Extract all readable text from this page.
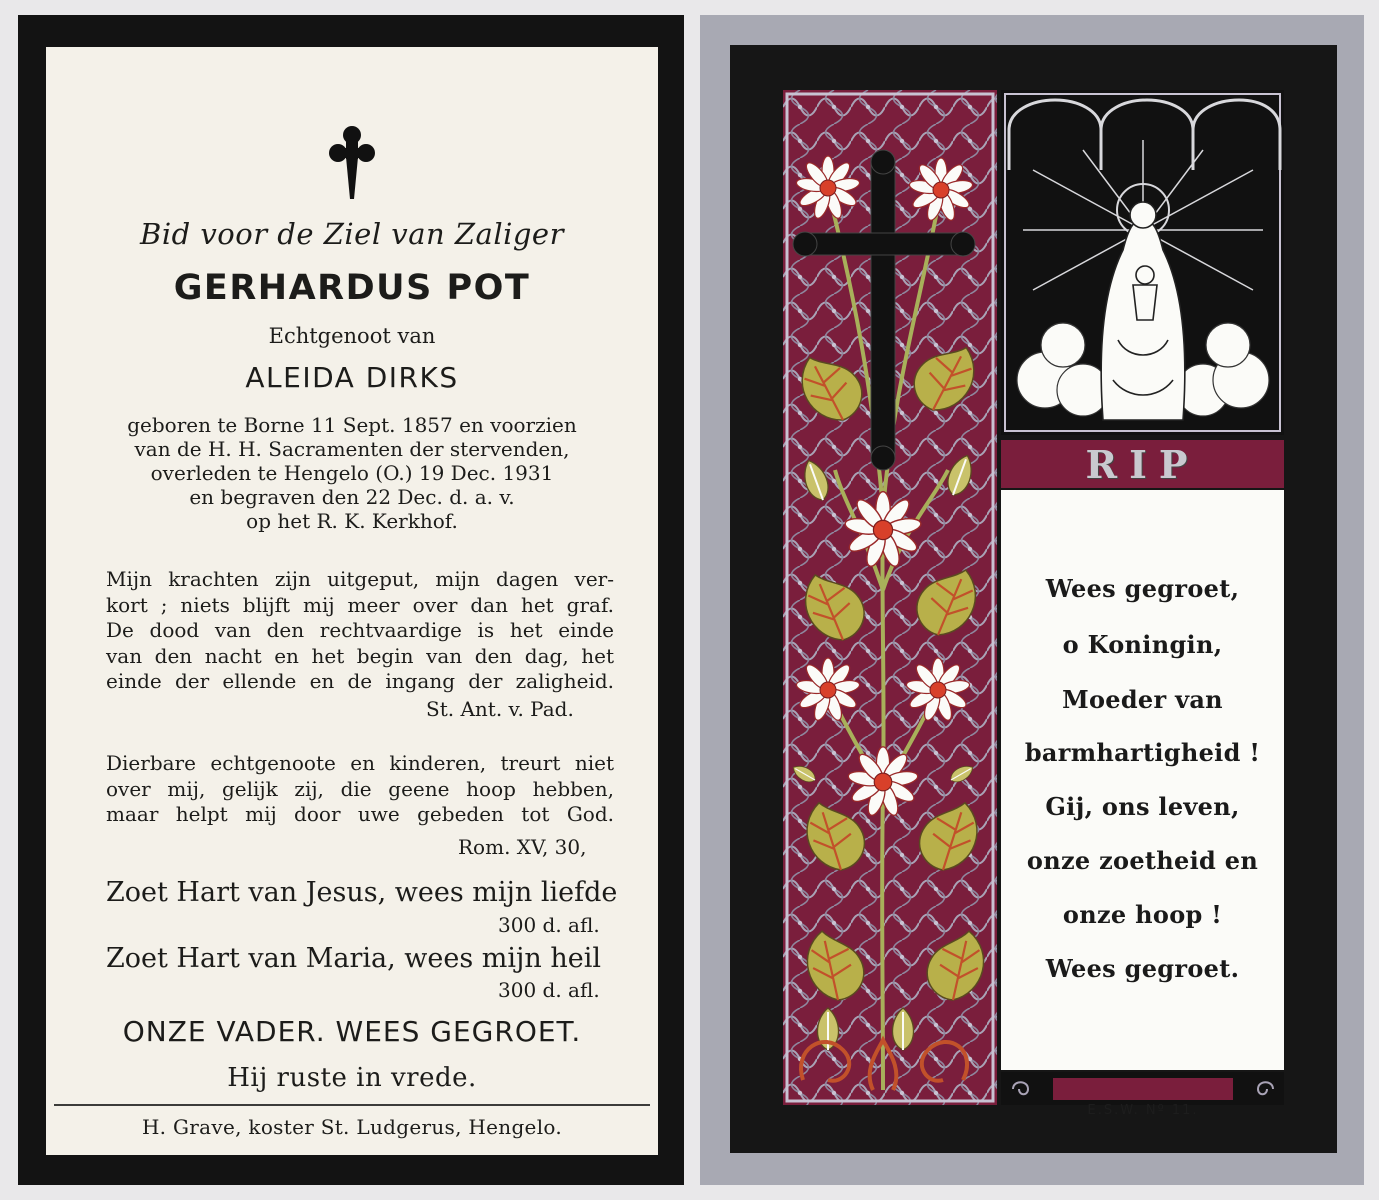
Bid voor de Ziel van Zaliger
GERHARDUS POT
Echtgenoot van
ALEIDA DIRKS
geboren te Borne 11 Sept. 1857 en voorzien
van de H. H. Sacramenten der stervenden,
overleden te Hengelo (O.) 19 Dec. 1931
en begraven den 22 Dec. d. a. v.
op het R. K. Kerkhof.
Mijn krachten zijn uitgeput, mijn dagen ver-
kort ; niets blijft mij meer over dan het graf.
De dood van den rechtvaardige is het einde
van den nacht en het begin van den dag, het
einde der ellende en de ingang der zaligheid.
St. Ant. v. Pad.
Dierbare echtgenoote en kinderen, treurt niet
over mij, gelijk zij, die geene hoop hebben,
maar helpt mij door uwe gebeden tot God.
Rom. XV, 30,
Zoet Hart van Jesus, wees mijn liefde
300 d. afl.
Zoet Hart van Maria, wees mijn heil
300 d. afl.
ONZE VADER. WEES GEGROET.
Hij ruste in vrede.
H. Grave, koster St. Ludgerus, Hengelo.
RIP
Wees gegroet,
o Koningin,
Moeder van
barmhartigheid !
Gij, ons leven,
onze zoetheid en
onze hoop !
Wees gegroet.
E.S.W. Nº 11.
